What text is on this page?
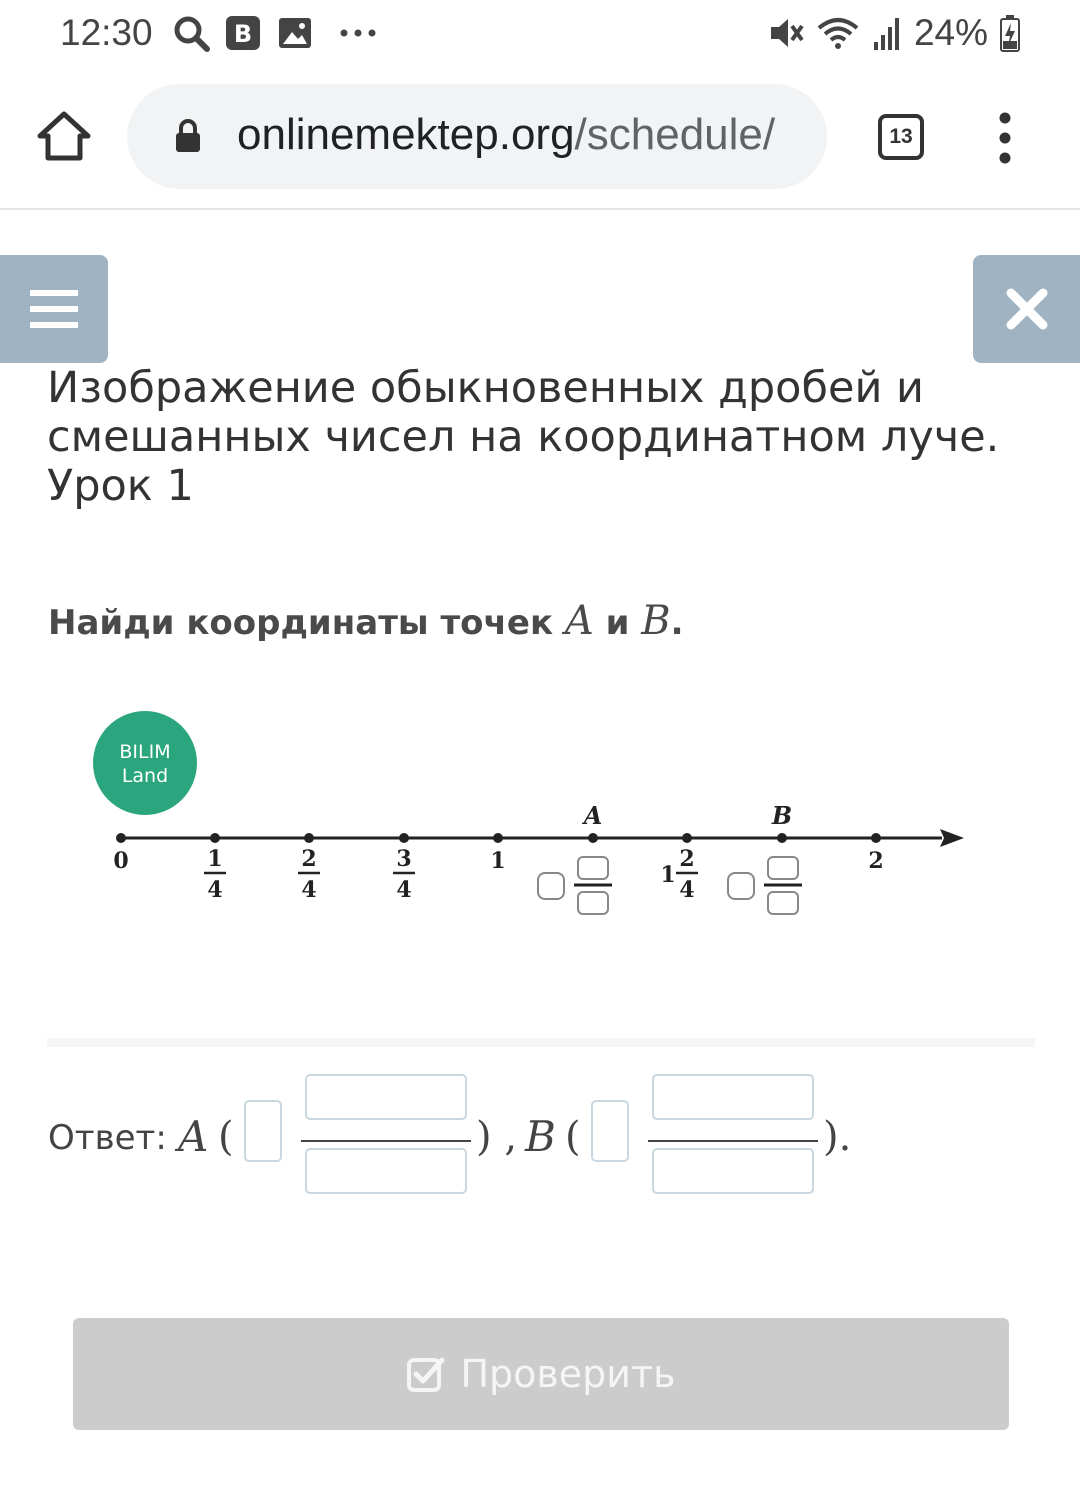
12:30	B	24%
onlinemektep.org/schedule/	13
Изображение обыкновенных дробей и смешанных чисел на координатном луче. Урок 1
Найди координаты точек A и B.
BILIM
Land
A	B
0	1
4
2
4
3
4
1
1
2
4
2
Ответ: A (	) , B (	).
Проверить
